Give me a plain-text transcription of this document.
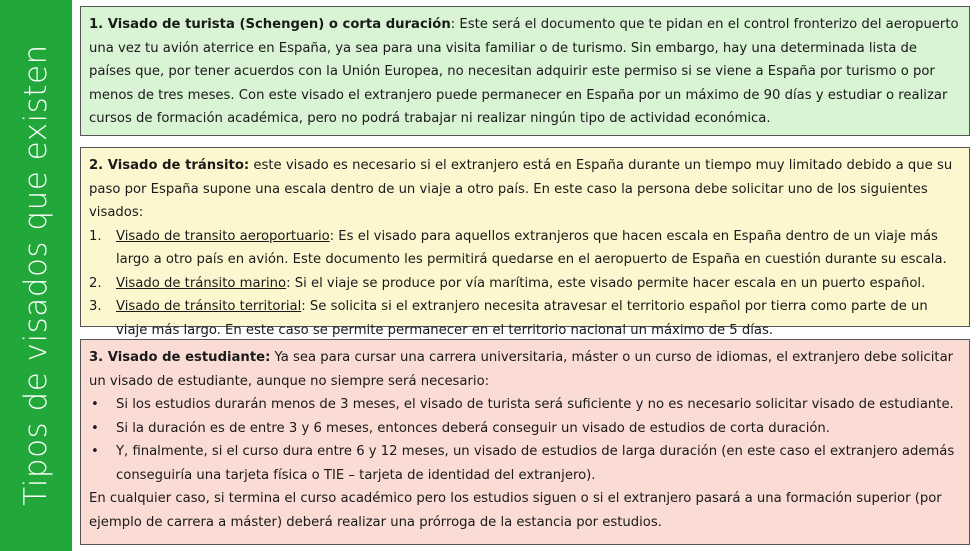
Tipos de visados que existen

1. Visado de turista (Schengen) o corta duración: Este será el documento que te pidan en el control fronterizo del aeropuerto una vez tu avión aterrice en España, ya sea para una visita familiar o de turismo. Sin embargo, hay una determinada lista de países que, por tener acuerdos con la Unión Europea, no necesitan adquirir este permiso si se viene a España por turismo o por menos de tres meses. Con este visado el extranjero puede permanecer en España por un máximo de 90 días y estudiar o realizar cursos de formación académica, pero no podrá trabajar ni realizar ningún tipo de actividad económica.

2. Visado de tránsito: este visado es necesario si el extranjero está en España durante un tiempo muy limitado debido a que su paso por España supone una escala dentro de un viaje a otro país. En este caso la persona debe solicitar uno de los siguientes visados:

1. Visado de transito aeroportuario: Es el visado para aquellos extranjeros que hacen escala en España dentro de un viaje más largo a otro país en avión. Este documento les permitirá quedarse en el aeropuerto de España en cuestión durante su escala.
2. Visado de tránsito marino: Si el viaje se produce por vía marítima, este visado permite hacer escala en un puerto español.
3. Visado de tránsito territorial: Se solicita si el extranjero necesita atravesar el territorio español por tierra como parte de un viaje más largo. En este caso se permite permanecer en el territorio nacional un máximo de 5 días.

3. Visado de estudiante: Ya sea para cursar una carrera universitaria, máster o un curso de idiomas, el extranjero debe solicitar un visado de estudiante, aunque no siempre será necesario:

• Si los estudios durarán menos de 3 meses, el visado de turista será suficiente y no es necesario solicitar visado de estudiante.
• Si la duración es de entre 3 y 6 meses, entonces deberá conseguir un visado de estudios de corta duración.
• Y, finalmente, si el curso dura entre 6 y 12 meses, un visado de estudios de larga duración (en este caso el extranjero además conseguiría una tarjeta física o TIE – tarjeta de identidad del extranjero).

En cualquier caso, si termina el curso académico pero los estudios siguen o si el extranjero pasará a una formación superior (por ejemplo de carrera a máster) deberá realizar una prórroga de la estancia por estudios.
